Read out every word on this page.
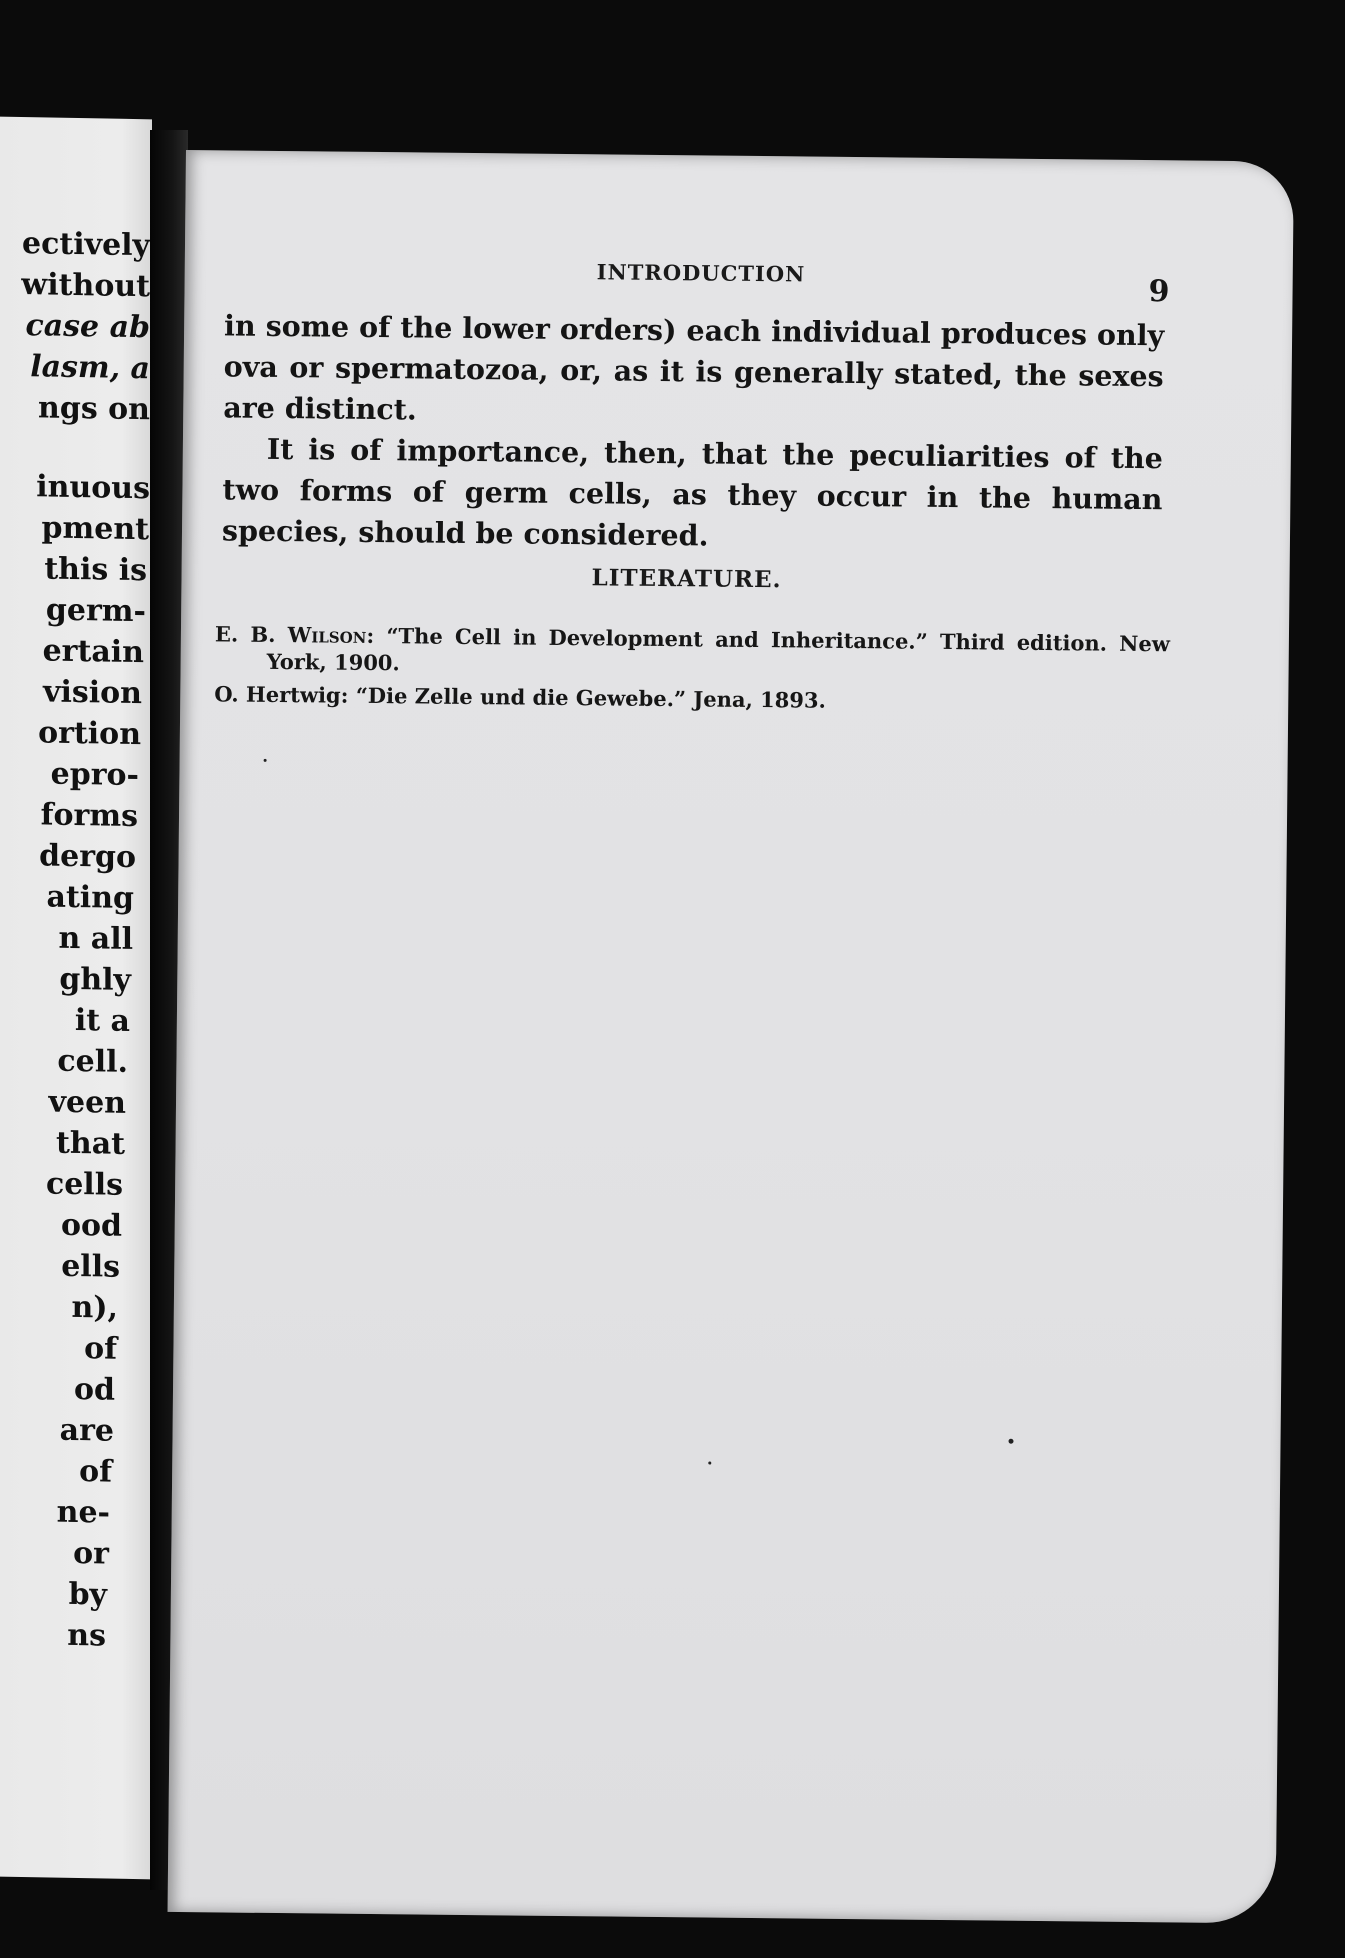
ectively
without
case ab
lasm, a
ngs on
inuous
pment
this is
germ-
ertain
vision
ortion
epro-
forms
dergo
ating
n all
ghly
it a
cell.
veen
that
cells
ood
ells
n),
of
od
are
of
ne-
or
by
ns
INTRODUCTION
9

in some of the lower orders) each individual produces only ova or spermatozoa, or, as it is generally stated, the sexes are distinct.

It is of importance, then, that the peculiarities of the two forms of germ cells, as they occur in the human species, should be considered.

LITERATURE.

E. B. Wilson: “The Cell in Development and Inheritance.” Third edition. New York, 1900.

O. Hertwig: “Die Zelle und die Gewebe.” Jena, 1893.
